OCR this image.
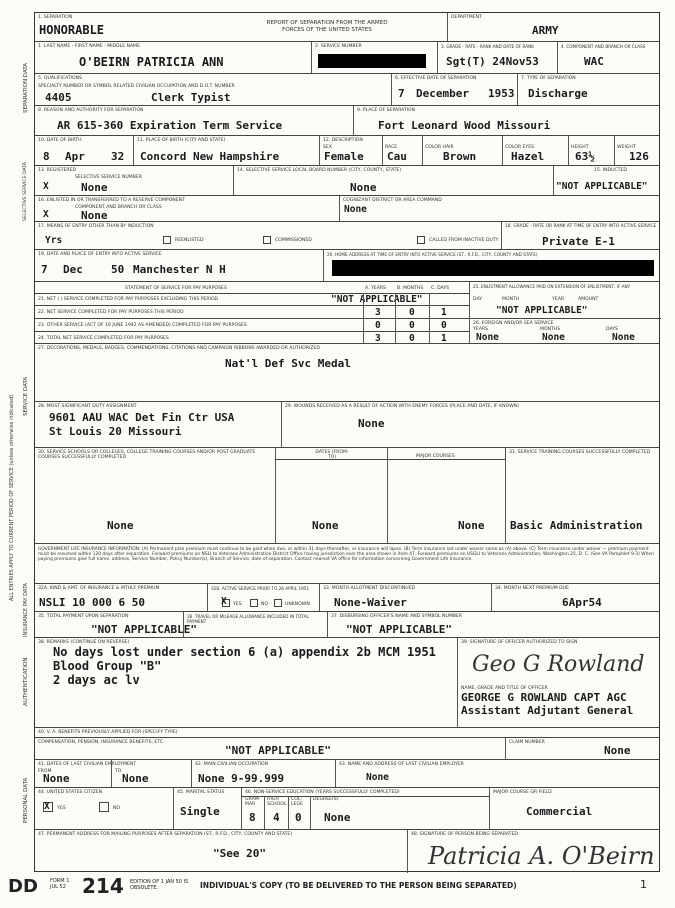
1. SEPARATION
HONORABLE	REPORT OF SEPARATION FROM THE ARMED FORCES OF THE UNITED STATES
DEPARTMENT
ARMY
1. LAST NAME - FIRST NAME - MIDDLE NAME
O'BEIRN PATRICIA ANN
2. SERVICE NUMBER	3. GRADE - RATE - RANK AND DATE OF RANK
Sgt(T) 24Nov53
4. COMPONENT AND BRANCH OR CLASS
WAC
5. QUALIFICATIONS
SPECIALTY NUMBER OR SYMBOL RELATED CIVILIAN OCCUPATION AND D.O.T. NUMBER
4405	Clerk Typist
6. EFFECTIVE DATE OF SEPARATION
7 December 1953
7. TYPE OF SEPARATION
Discharge
8. REASON AND AUTHORITY FOR SEPARATION
AR 615-360 Expiration Term Service
9. PLACE OF SEPARATION
Fort Leonard Wood Missouri
10. DATE OF BIRTH
8 Apr 32
11. PLACE OF BIRTH (CITY AND STATE)
Concord New Hampshire
12. DESCRIPTION
SEX
Female
RACE
Cau
COLOR HAIR
Brown
COLOR EYES
Hazel
HEIGHT
63½
WEIGHT
126
13. REGISTERED
X
SELECTIVE SERVICE NUMBER
None
14. SELECTIVE SERVICE LOCAL BOARD NUMBER (CITY, COUNTY, STATE)
None
15. INDUCTED
"NOT APPLICABLE"
16. ENLISTED IN OR TRANSFERRED TO A RESERVE COMPONENT
X
COMPONENT AND BRANCH OR CLASS
None
COGNIZANT DISTRICT OR AREA COMMAND
None
17. MEANS OF ENTRY OTHER THAN BY INDUCTION
Yrs	REENLISTED	COMMISSIONED	CALLED FROM INACTIVE DUTY
18. GRADE - RATE OR RANK AT TIME OF ENTRY INTO ACTIVE SERVICE
Private E-1
19. DATE AND PLACE OF ENTRY INTO ACTIVE SERVICE
7 Dec	50 Manchester N H
20. HOME ADDRESS AT TIME OF ENTRY INTO ACTIVE SERVICE (ST., R.F.D., CITY, COUNTY AND STATE)
STATEMENT OF SERVICE FOR PAY PURPOSES	A. YEARS B. MONTHS C. DAYS
21. NET ( ) SERVICE COMPLETED FOR PAY PURPOSES EXCLUDING THIS PERIOD	"NOT APPLICABLE"
22. NET SERVICE COMPLETED FOR PAY PURPOSES THIS PERIOD	3	0	1
23. OTHER SERVICE (ACT OF 16 JUNE 1942 AS AMENDED) COMPLETED FOR PAY PURPOSES	0	0	0
24. TOTAL NET SERVICE COMPLETED FOR PAY PURPOSES	3	0	1
25. ENLISTMENT ALLOWANCE PAID ON EXTENSION OF ENLISTMENT, IF ANY
DAY	MONTH	YEAR	AMOUNT
"NOT APPLICABLE"
26. FOREIGN AND/OR SEA SERVICE
YEARS	MONTHS	DAYS
None	None	None
27. DECORATIONS, MEDALS, BADGES, COMMENDATIONS, CITATIONS AND CAMPAIGN RIBBONS AWARDED OR AUTHORIZED
Nat'l Def Svc Medal
28. MOST SIGNIFICANT DUTY ASSIGNMENT
9601 AAU WAC Det Fin Ctr USA
St Louis 20 Missouri
29. WOUNDS RECEIVED AS A RESULT OF ACTION WITH ENEMY FORCES (PLACE AND DATE, IF KNOWN)
None
30. SERVICE SCHOOLS OR COLLEGES, COLLEGE TRAINING COURSES AND/OR POST GRADUATE COURSES SUCCESSFULLY COMPLETED
None
DATES (FROM-TO)
None
MAJOR COURSES
None
31. SERVICE TRAINING COURSES SUCCESSFULLY COMPLETED
Basic Administration
GOVERNMENT LIFE INSURANCE INFORMATION: (A) Permanent plan premium must continue to be paid when due, or within 31 days thereafter, or insurance will lapse. (B) Term insurance not under waiver same as (A) above. (C) Term insurance under waiver — premium payment must be resumed within 120 days after separation. Forward premiums on NSLI to Veterans Administration District Office having jurisdiction over the area shown in item 47. Forward premiums on USGLI to Veterans Administration, Washington 25, D. C. (See VA Pamphlet 9-3) When paying premiums give full name, address, Service Number, Policy Number(s), Branch of Service, date of separation. Contact nearest VA office for information concerning Government Life Insurance.
32A. KIND & AMT. OF INSURANCE & MTHLY. PREMIUM
NSLI 10 000 6 50
32B. ACTIVE SERVICE PRIOR TO 26 APRIL 1951
X YES	NO	UNKNOWN
33. MONTH ALLOTMENT DISCONTINUED
None-Waiver
34. MONTH NEXT PREMIUM DUE
6Apr54
35. TOTAL PAYMENT UPON SEPARATION
"NOT APPLICABLE"
36. TRAVEL OR MILEAGE ALLOWANCE INCLUDED IN TOTAL PAYMENT
37. DISBURSING OFFICER'S NAME AND SYMBOL NUMBER
"NOT APPLICABLE"
38. REMARKS (CONTINUE ON REVERSE)
No days lost under section 6 (a) appendix 2b MCM 1951
Blood Group "B"
2 days ac lv
39. SIGNATURE OF OFFICER AUTHORIZED TO SIGN
Geo G Rowland
NAME, GRADE AND TITLE OF OFFICER
GEORGE G ROWLAND CAPT AGC
Assistant Adjutant General
40. V. A. BENEFITS PREVIOUSLY APPLIED FOR (SPECIFY TYPE)
COMPENSATION, PENSION, INSURANCE BENEFITS, ETC.
"NOT APPLICABLE"
CLAIM NUMBER
None
41. DATES OF LAST CIVILIAN EMPLOYMENT
FROM
None
TO
None
42. MAIN CIVILIAN OCCUPATION
None 9-99.999
43. NAME AND ADDRESS OF LAST CIVILIAN EMPLOYER
None
44. UNITED STATES CITIZEN
X YES	NO
45. MARITAL STATUS
Single
46. NON-SERVICE EDUCATION (YEARS SUCCESSFULLY COMPLETED)
GRAM-MAR
HIGH SCHOOL
COL-LEGE
DEGREE(S)
8 4 0 None
MAJOR COURSE OR FIELD
Commercial
47. PERMANENT ADDRESS FOR MAILING PURPOSES AFTER SEPARATION (ST., R.F.D., CITY, COUNTY AND STATE)
"See 20"
48. SIGNATURE OF PERSON BEING SEPARATED
Patricia A. O'Beirn
SEPARATION DATA
SELECTIVE SERVICE DATA
SERVICE DATA
ALL ENTRIES APPLY TO CURRENT PERIOD OF SERVICE (unless otherwise indicated)
INSURANCE PAY DATA
AUTHENTICATION
PERSONAL DATA
DD FORM 1 JUL 52 214 EDITION OF 1 JAN 50 IS OBSOLETE.	INDIVIDUAL'S COPY (TO BE DELIVERED TO THE PERSON BEING SEPARATED)	1
